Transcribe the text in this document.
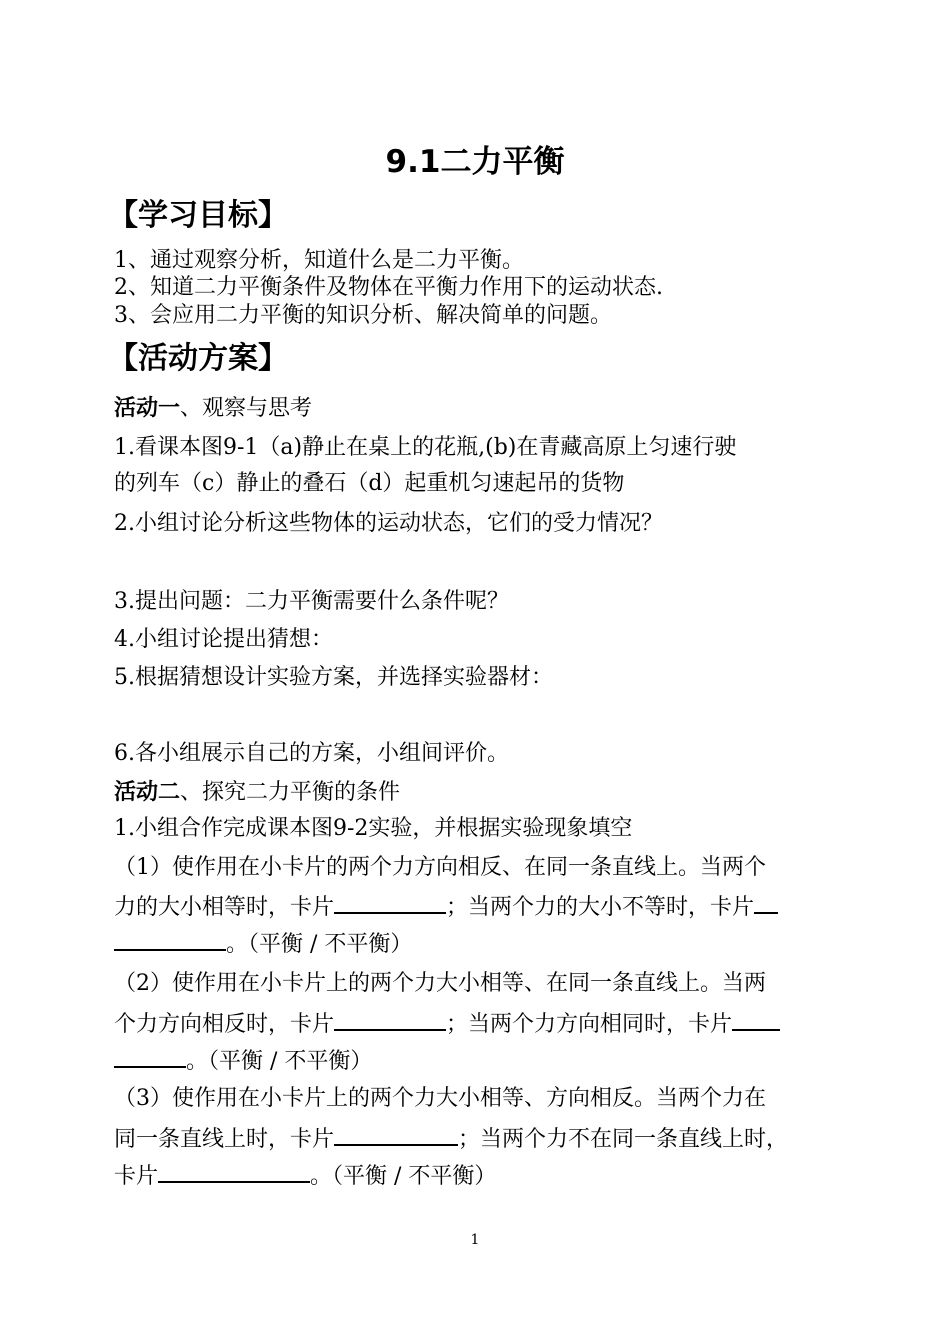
9.1二力平衡
【学习目标】
1、通过观察分析，知道什么是二力平衡。
2、知道二力平衡条件及物体在平衡力作用下的运动状态.
3、会应用二力平衡的知识分析、解决简单的问题。
【活动方案】
活动一、观察与思考
1.看课本图9-1（a)静止在桌上的花瓶,(b)在青藏高原上匀速行驶
的列车（c）静止的叠石（d）起重机匀速起吊的货物
2.小组讨论分析这些物体的运动状态，它们的受力情况？
3.提出问题：二力平衡需要什么条件呢？
4.小组讨论提出猜想：
5.根据猜想设计实验方案，并选择实验器材：
6.各小组展示自己的方案，小组间评价。
活动二、探究二力平衡的条件
1.小组合作完成课本图9-2实验，并根据实验现象填空
（1）使作用在小卡片的两个力方向相反、在同一条直线上。当两个
力的大小相等时，卡片	；当两个力的大小不等时，卡片
。（平衡 / 不平衡）
（2）使作用在小卡片上的两个力大小相等、在同一条直线上。当两
个力方向相反时，卡片	；当两个力方向相同时，卡片
。（平衡 / 不平衡）
（3）使作用在小卡片上的两个力大小相等、方向相反。当两个力在
同一条直线上时，卡片	；当两个力不在同一条直线上时，
卡片	。（平衡 / 不平衡）
1
